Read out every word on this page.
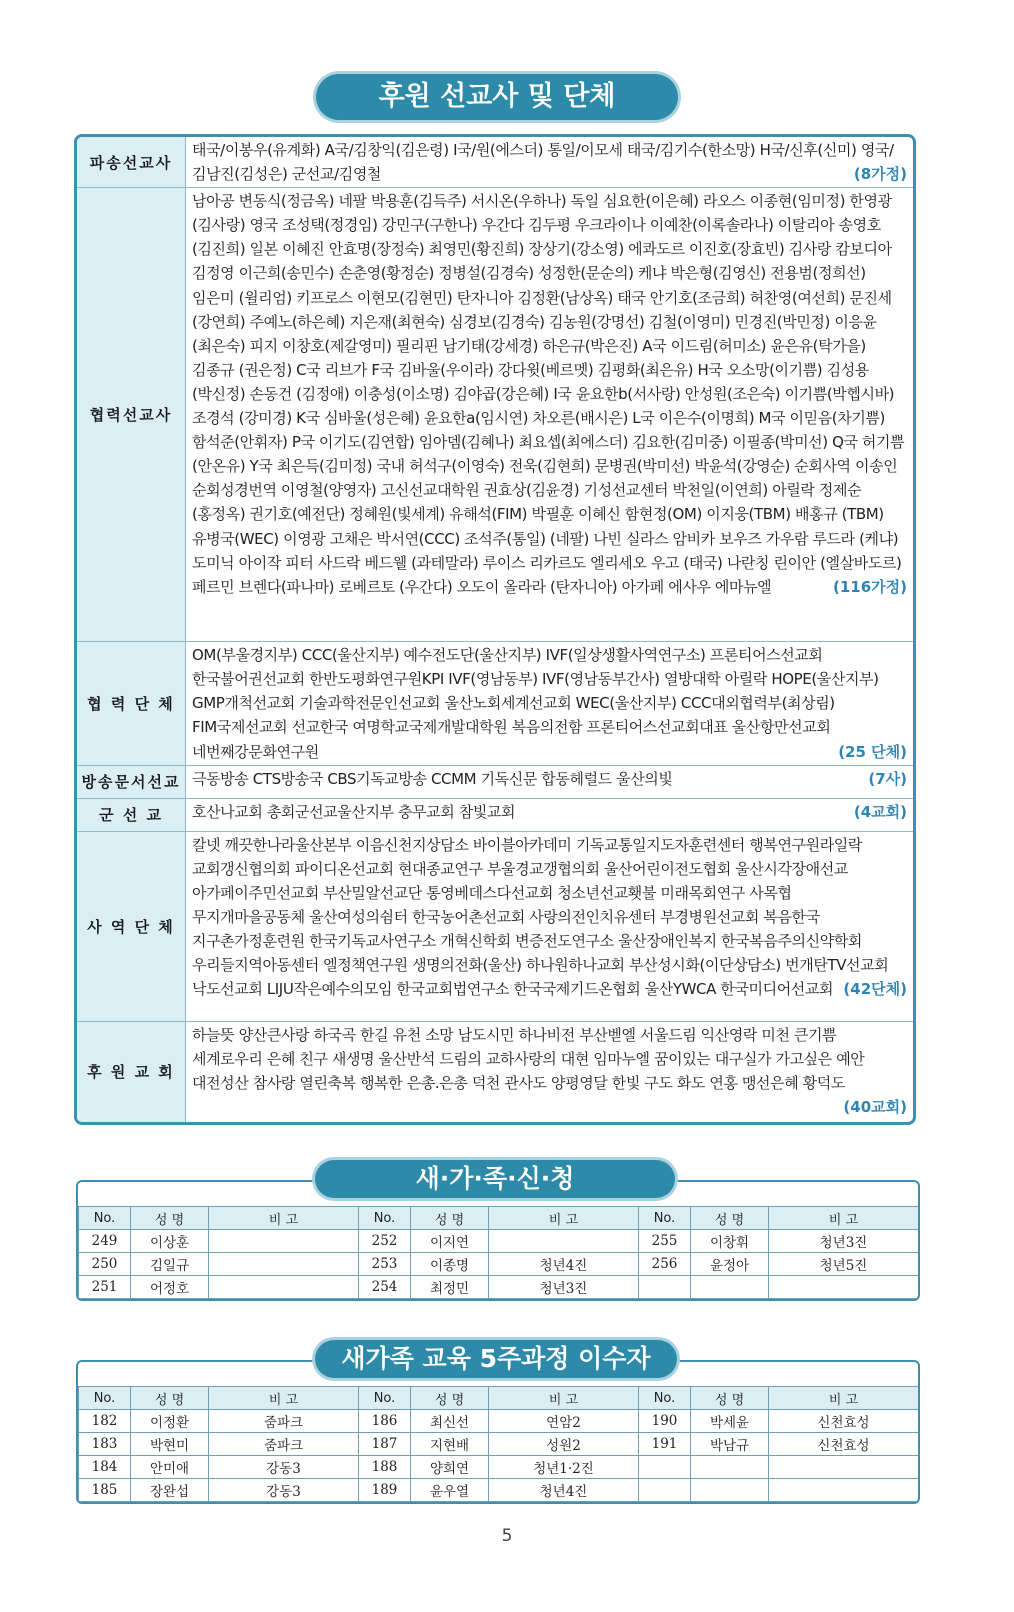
후원 선교사 및 단체
파송선교사	태국/이봉우(유계화) A국/김창익(김은령) I국/원(에스더) 통일/이모세 태국/김기수(한소망) H국/신후(신미) 영국/김남진(김성은) 군선교/김영철 (8가정)

협력선교사	남아공 변동식(정금옥) 네팔 박용훈(김득주) 서시온(우하나) 독일 심요한(이은혜) 라오스 이종현(임미정) 한영광(김사랑) 영국 조성택(정경임) 강민구(구한나) 우간다 김두평 우크라이나 이예찬(이록솔라나) 이탈리아 송영호(김진희) 일본 이혜진 안효명(장정숙) 최영민(황진희) 장상기(강소영) 에콰도르 이진호(장효빈) 김사랑 캄보디아 김정영 이근희(송민수) 손춘영(황정순) 정병설(김경숙) 성정한(문순의) 케냐 박은형(김영신) 전용범(정희선) 임은미 (윌리엄) 키프로스 이현모(김현민) 탄자니아 김정환(남상옥) 태국 안기호(조금희) 허찬영(여선희) 문진세 (강연희) 주예노(하은혜) 지은재(최현숙) 심경보(김경숙) 김농원(강명선) 김철(이영미) 민경진(박민정) 이응윤 (최은숙) 피지 이창호(제갈영미) 필리핀 남기태(강세경) 하은규(박은진) A국 이드림(허미소) 윤은유(탁가을) 김종규 (권은정) C국 리브가 F국 김바울(우이라) 강다윗(베르멧) 김평화(최은유) H국 오소망(이기쁨) 김성용(박신정) 손동건 (김정애) 이충성(이소명) 김야곱(강은혜) I국 윤요한b(서사랑) 안성원(조은숙) 이기쁨(박헵시바) 조경석 (강미경) K국 심바울(성은혜) 윤요한a(임시연) 차오른(배시은) L국 이은수(이명희) M국 이믿음(차기쁨) 함석준(안휘자) P국 이기도(김연합) 임아뎀(김혜나) 최요셉(최에스더) 김요한(김미중) 이필종(박미선) Q국 허기쁨(안온유) Y국 최은득(김미정) 국내 허석구(이영숙) 전욱(김현희) 문병권(박미선) 박윤석(강영순) 순회사역 이송인 순회성경번역 이영철(양영자) 고신선교대학원 권효상(김윤경) 기성선교센터 박천일(이연희) 아릴락 정제순(홍정옥) 권기호(예전단) 정혜원(빛세계) 유해석(FIM) 박필훈 이혜신 함현정(OM) 이지웅(TBM) 배홍규 (TBM) 유병국(WEC) 이영광 고채은 박서연(CCC) 조석주(통일) (네팔) 나빈 실라스 암비카 보우즈 가우람 루드라 (케냐) 도미닉 아이작 피터 사드락 베드웰 (과테말라) 루이스 리카르도 엘리세오 우고 (태국) 나란칭 린이안 (엘살바도르) 페르민 브렌다(파나마) 로베르토 (우간다) 오도이 올라라 (탄자니아) 아가페 에사우 에마뉴엘 (116가정)

협 력 단 체	OM(부울경지부) CCC(울산지부) 예수전도단(울산지부) IVF(일상생활사역연구소) 프론티어스선교회 한국불어권선교회 한반도평화연구원KPI IVF(영남동부) IVF(영남동부간사) 열방대학 아릴락 HOPE(울산지부) GMP개척선교회 기술과학전문인선교회 울산노회세계선교회 WEC(울산지부) CCC대외협력부(최상림) FIM국제선교회 선교한국 여명학교국제개발대학원 복음의전함 프론티어스선교회대표 울산항만선교회 네번째강문화연구원 (25 단체)

방송문서선교	극동방송 CTS방송국 CBS기독교방송 CCMM 기독신문 합동헤럴드 울산의빛 (7사)

군 선 교	호산나교회 총회군선교울산지부 충무교회 참빛교회 (4교회)

사 역 단 체	칼넷 깨끗한나라울산본부 이음신천지상담소 바이블아카데미 기독교통일지도자훈련센터 행복연구원라일락 교회갱신협의회 파이디온선교회 현대종교연구 부울경교갱협의회 울산어린이전도협회 울산시각장애선교 아가페이주민선교회 부산밀알선교단 통영베데스다선교회 청소년선교횃불 미래목회연구 사목협 무지개마을공동체 울산여성의쉼터 한국농어촌선교회 사랑의전인치유센터 부경병원선교회 복음한국 지구촌가정훈련원 한국기독교사연구소 개혁신학회 변증전도연구소 울산장애인복지 한국복음주의신약학회 우리들지역아동센터 엘정책연구원 생명의전화(울산) 하나원하나교회 부산성시화(이단상담소) 번개탄TV선교회 낙도선교회 LIJU작은예수의모임 한국교회법연구소 한국국제기드온협회 울산YWCA 한국미디어선교회 (42단체)

후 원 교 회	하늘뜻 양산큰사랑 하국곡 한길 유천 소망 남도시민 하나비전 부산벧엘 서울드림 익산영락 미천 큰기쁨 세계로우리 은혜 친구 새생명 울산반석 드림의 교하사랑의 대현 임마누엘 꿈이있는 대구실가 가고싶은 예안 대전성산 참사랑 열린축복 행복한 은총.은총 덕천 관사도 양평영달 한빛 구도 화도 연홍 맹선은혜 황덕도
(40교회)
새·가·족·신·청

No.	성 명	비 고	No.	성 명	비 고	No.	성 명	비 고
249	이상훈		252	이지연		255	이창휘	청년3진
250	김일규		253	이종명	청년4진	256	윤정아	청년5진
251	어정호		254	최정민	청년3진			
새가족 교육 5주과정 이수자

No.	성 명	비 고	No.	성 명	비 고	No.	성 명	비 고
182	이정환	줌파크	186	최신선	연암2	190	박세윤	신천효성
183	박현미	줌파크	187	지현배	성원2	191	박남규	신천효성
184	안미애	강동3	188	양희연	청년1·2진			
185	장완섭	강동3	189	윤우열	청년4진			
5
